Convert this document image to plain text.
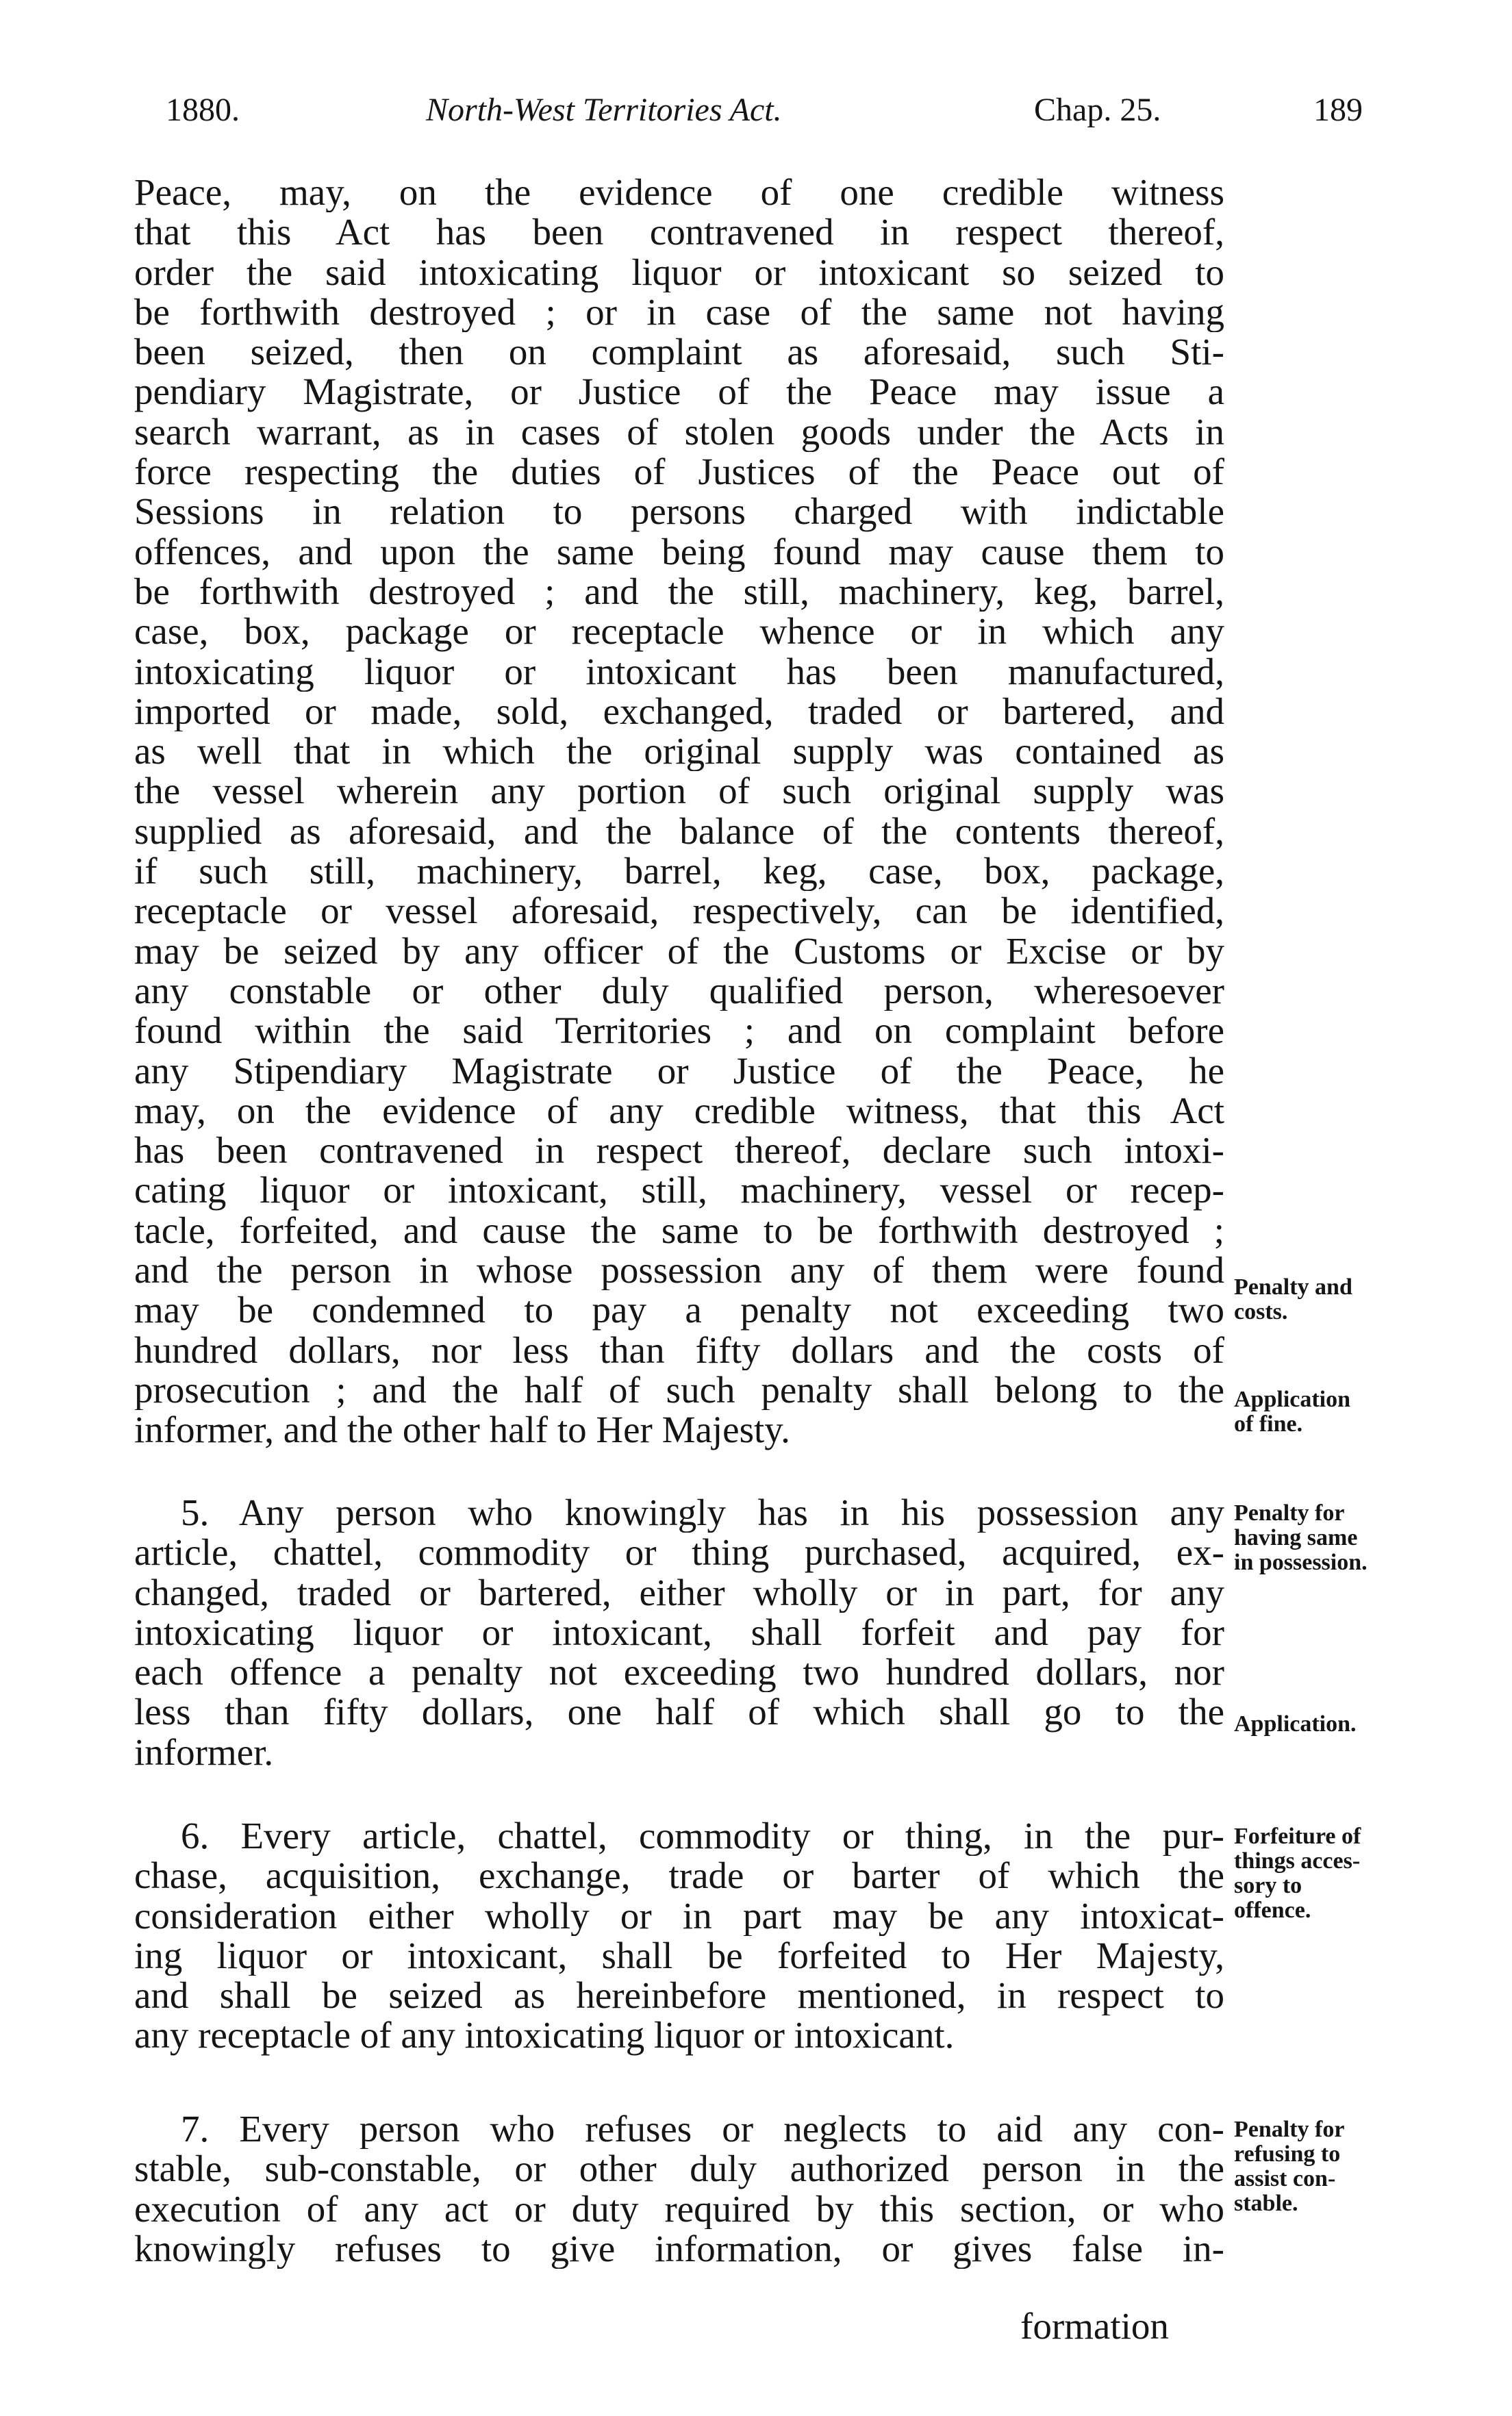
1880.	North-West Territories Act.	Chap. 25.	189
Peace, may, on the evidence of one credible witness
that this Act has been contravened in respect thereof,
order the said intoxicating liquor or intoxicant so seized to
be forthwith destroyed ; or in case of the same not having
been seized, then on complaint as aforesaid, such Sti-
pendiary Magistrate, or Justice of the Peace may issue a
search warrant, as in cases of stolen goods under the Acts in
force respecting the duties of Justices of the Peace out of
Sessions in relation to persons charged with indictable
offences, and upon the same being found may cause them to
be forthwith destroyed ; and the still, machinery, keg, barrel,
case, box, package or receptacle whence or in which any
intoxicating liquor or intoxicant has been manufactured,
imported or made, sold, exchanged, traded or bartered, and
as well that in which the original supply was contained as
the vessel wherein any portion of such original supply was
supplied as aforesaid, and the balance of the contents thereof,
if such still, machinery, barrel, keg, case, box, package,
receptacle or vessel aforesaid, respectively, can be identified,
may be seized by any officer of the Customs or Excise or by
any constable or other duly qualified person, wheresoever
found within the said Territories ; and on complaint before
any Stipendiary Magistrate or Justice of the Peace, he
may, on the evidence of any credible witness, that this Act
has been contravened in respect thereof, declare such intoxi-
cating liquor or intoxicant, still, machinery, vessel or recep-
tacle, forfeited, and cause the same to be forthwith destroyed ;
and the person in whose possession any of them were found
may be condemned to pay a penalty not exceeding two
hundred dollars, nor less than fifty dollars and the costs of
prosecution ; and the half of such penalty shall belong to the
informer, and the other half to Her Majesty.
5. Any person who knowingly has in his possession any
article, chattel, commodity or thing purchased, acquired, ex-
changed, traded or bartered, either wholly or in part, for any
intoxicating liquor or intoxicant, shall forfeit and pay for
each offence a penalty not exceeding two hundred dollars, nor
less than fifty dollars, one half of which shall go to the
informer.
6. Every article, chattel, commodity or thing, in the pur-
chase, acquisition, exchange, trade or barter of which the
consideration either wholly or in part may be any intoxicat-
ing liquor or intoxicant, shall be forfeited to Her Majesty,
and shall be seized as hereinbefore mentioned, in respect to
any receptacle of any intoxicating liquor or intoxicant.
7. Every person who refuses or neglects to aid any con-
stable, sub-constable, or other duly authorized person in the
execution of any act or duty required by this section, or who
knowingly refuses to give information, or gives false in-
formation
Penalty and
costs.
Application
of fine.
Penalty for
having same
in possession.
Application.
Forfeiture of
things acces-
sory to
offence.
Penalty for
refusing to
assist con-
stable.
